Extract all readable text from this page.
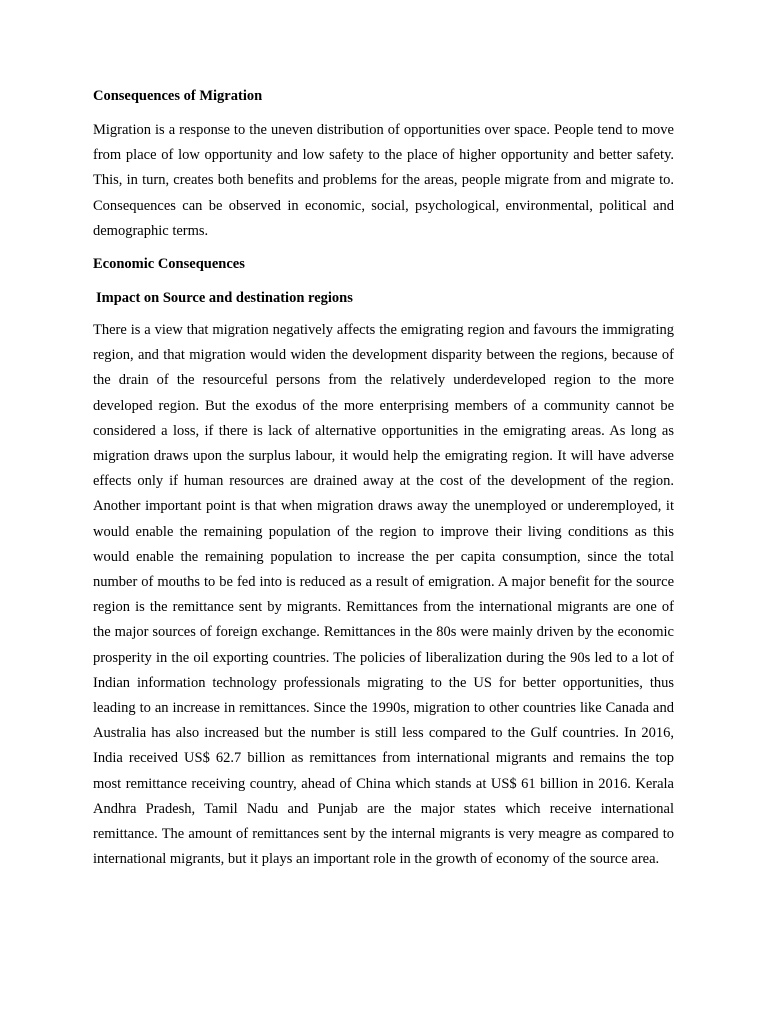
Consequences of Migration

Migration is a response to the uneven distribution of opportunities over space. People tend to move from place of low opportunity and low safety to the place of higher opportunity and better safety. This, in turn, creates both benefits and problems for the areas, people migrate from and migrate to. Consequences can be observed in economic, social, psychological, environmental, political and demographic terms.

Economic Consequences

Impact on Source and destination regions

There is a view that migration negatively affects the emigrating region and favours the immigrating region, and that migration would widen the development disparity between the regions, because of the drain of the resourceful persons from the relatively underdeveloped region to the more developed region. But the exodus of the more enterprising members of a community cannot be considered a loss, if there is lack of alternative opportunities in the emigrating areas. As long as migration draws upon the surplus labour, it would help the emigrating region. It will have adverse effects only if human resources are drained away at the cost of the development of the region. Another important point is that when migration draws away the unemployed or underemployed, it would enable the remaining population of the region to improve their living conditions as this would enable the remaining population to increase the per capita consumption, since the total number of mouths to be fed into is reduced as a result of emigration. A major benefit for the source region is the remittance sent by migrants. Remittances from the international migrants are one of the major sources of foreign exchange. Remittances in the 80s were mainly driven by the economic prosperity in the oil exporting countries. The policies of liberalization during the 90s led to a lot of Indian information technology professionals migrating to the US for better opportunities, thus leading to an increase in remittances. Since the 1990s, migration to other countries like Canada and Australia has also increased but the number is still less compared to the Gulf countries. In 2016, India received US$ 62.7 billion as remittances from international migrants and remains the top most remittance receiving country, ahead of China which stands at US$ 61 billion in 2016. Kerala Andhra Pradesh, Tamil Nadu and Punjab are the major states which receive international remittance. The amount of remittances sent by the internal migrants is very meagre as compared to international migrants, but it plays an important role in the growth of economy of the source area.
